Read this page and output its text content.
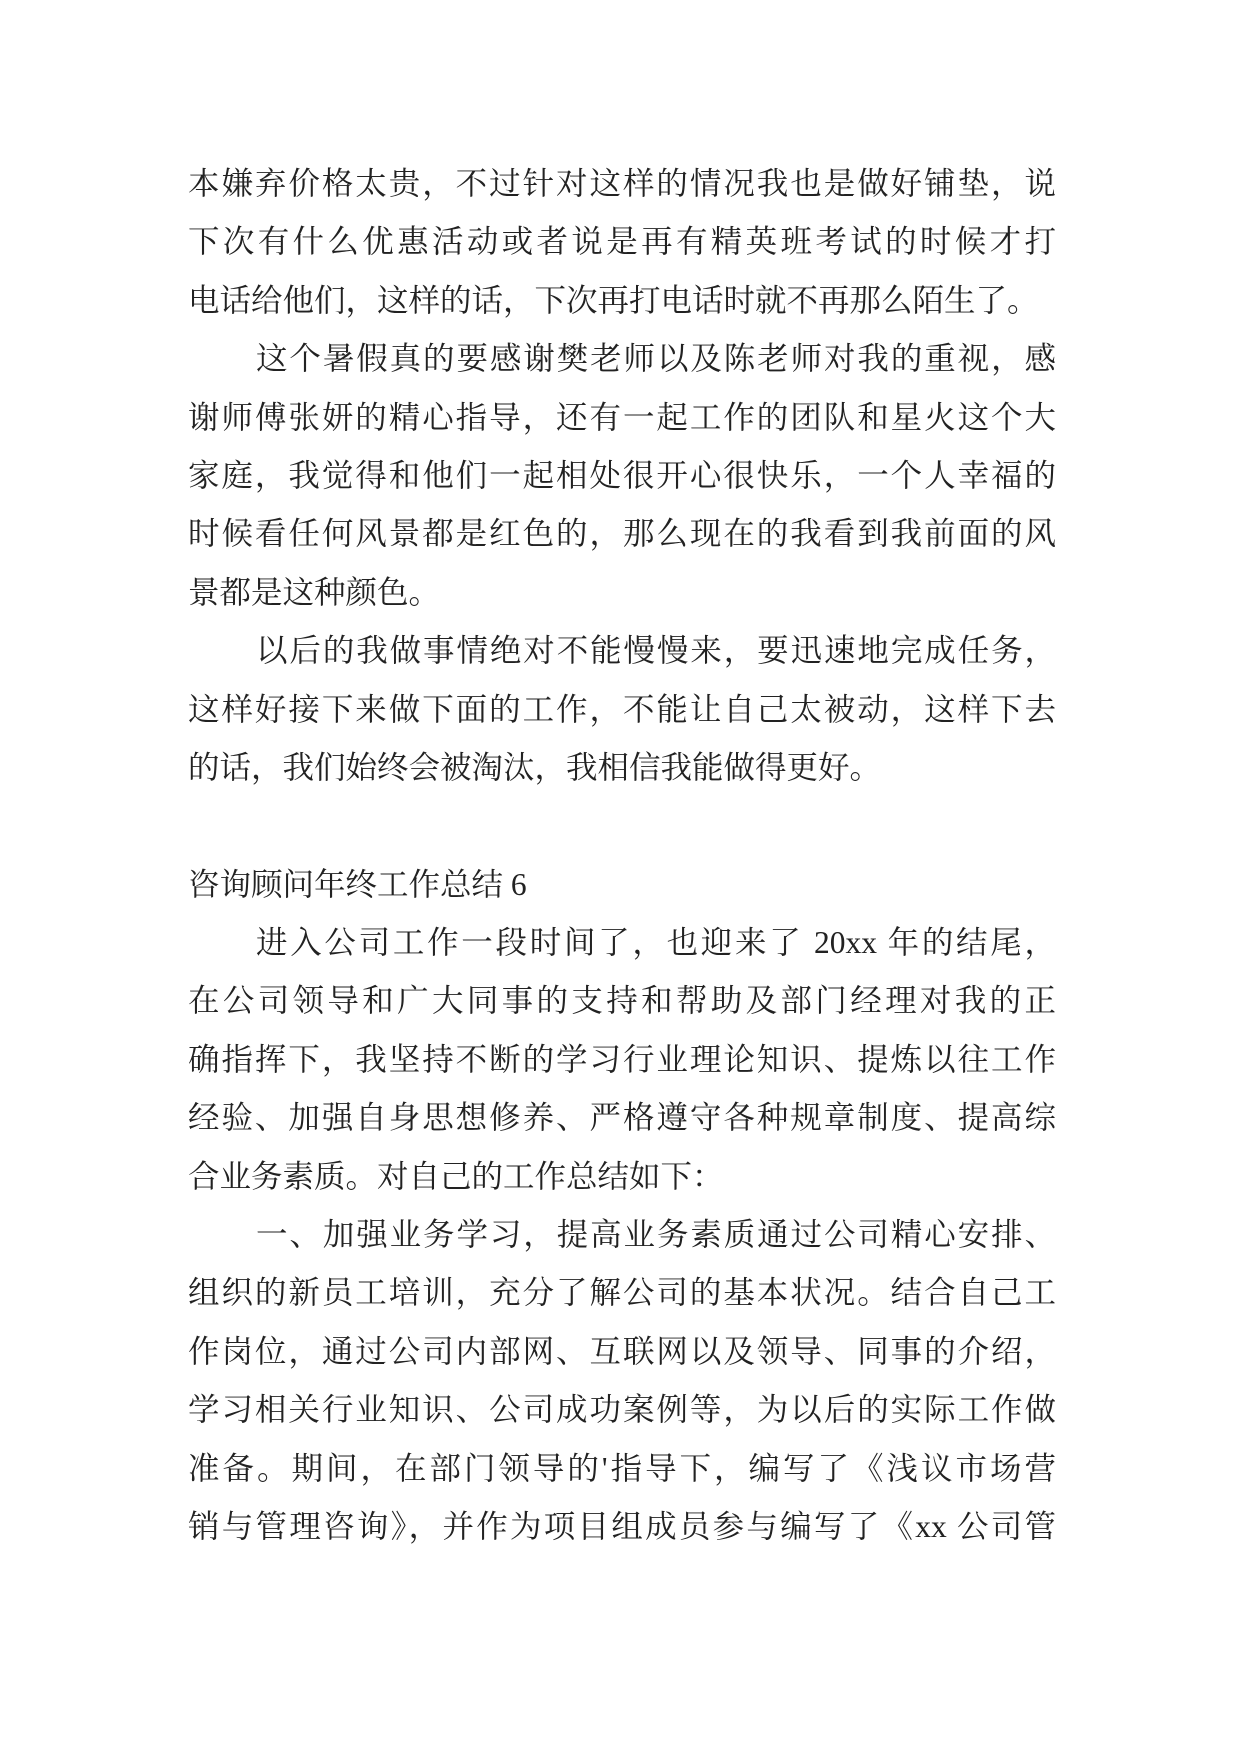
本嫌弃价格太贵，不过针对这样的情况我也是做好铺垫，说
下次有什么优惠活动或者说是再有精英班考试的时候才打
电话给他们，这样的话，下次再打电话时就不再那么陌生了。
这个暑假真的要感谢樊老师以及陈老师对我的重视，感
谢师傅张妍的精心指导，还有一起工作的团队和星火这个大
家庭，我觉得和他们一起相处很开心很快乐，一个人幸福的
时候看任何风景都是红色的，那么现在的我看到我前面的风
景都是这种颜色。
以后的我做事情绝对不能慢慢来，要迅速地完成任务，
这样好接下来做下面的工作，不能让自己太被动，这样下去
的话，我们始终会被淘汰，我相信我能做得更好。
咨询顾问年终工作总结 6
进入公司工作一段时间了，也迎来了 20xx 年的结尾，
在公司领导和广大同事的支持和帮助及部门经理对我的正
确指挥下，我坚持不断的学习行业理论知识、提炼以往工作
经验、加强自身思想修养、严格遵守各种规章制度、提高综
合业务素质。对自己的工作总结如下：
一、加强业务学习，提高业务素质通过公司精心安排、
组织的新员工培训，充分了解公司的基本状况。结合自己工
作岗位，通过公司内部网、互联网以及领导、同事的介绍，
学习相关行业知识、公司成功案例等，为以后的实际工作做
准备。期间，在部门领导的'指导下，编写了《浅议市场营
销与管理咨询》，并作为项目组成员参与编写了《xx 公司管
